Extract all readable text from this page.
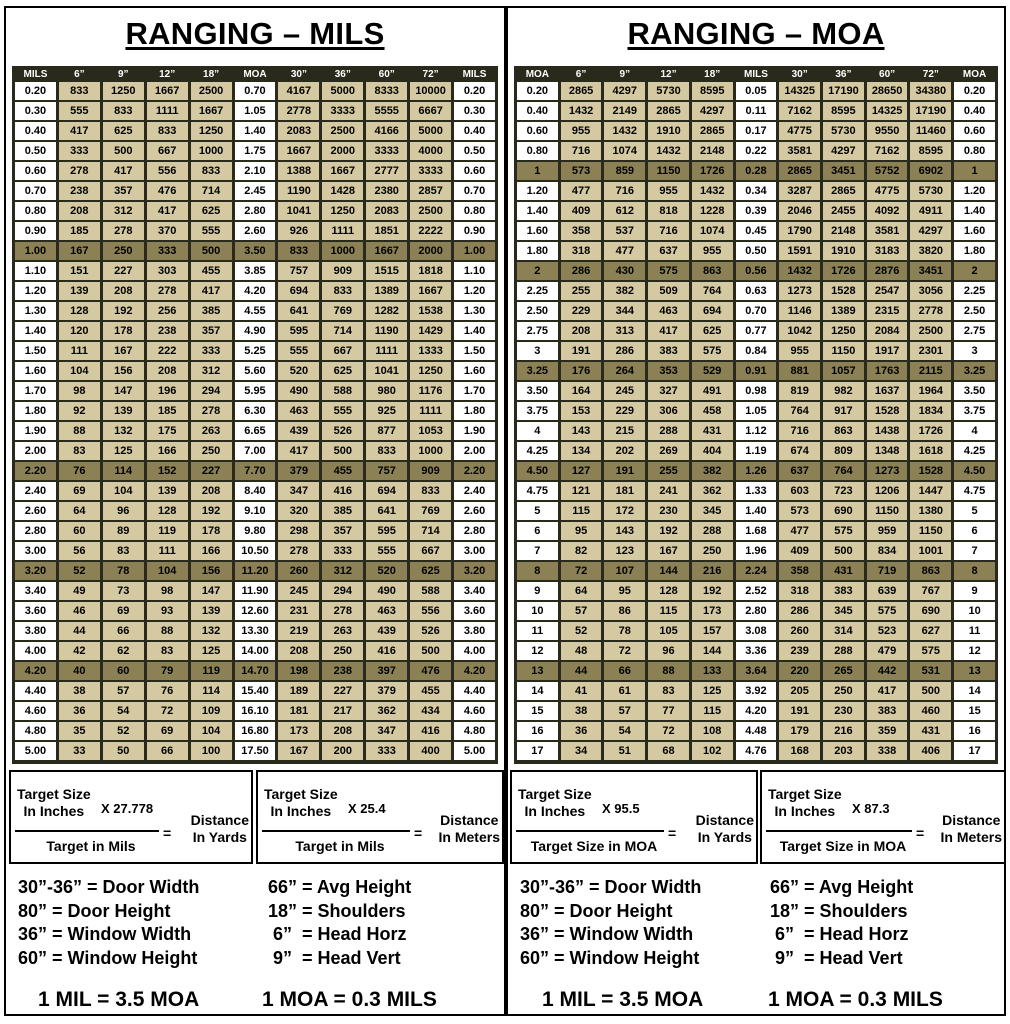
RANGING – MILS
MILS	6”	9”	12”	18”	MOA	30”	36”	60”	72”	MILS
0.20	833	1250	1667	2500	0.70	4167	5000	8333	10000	0.20
0.30	555	833	1111	1667	1.05	2778	3333	5555	6667	0.30
0.40	417	625	833	1250	1.40	2083	2500	4166	5000	0.40
0.50	333	500	667	1000	1.75	1667	2000	3333	4000	0.50
0.60	278	417	556	833	2.10	1388	1667	2777	3333	0.60
0.70	238	357	476	714	2.45	1190	1428	2380	2857	0.70
0.80	208	312	417	625	2.80	1041	1250	2083	2500	0.80
0.90	185	278	370	555	2.60	926	1111	1851	2222	0.90
1.00	167	250	333	500	3.50	833	1000	1667	2000	1.00
1.10	151	227	303	455	3.85	757	909	1515	1818	1.10
1.20	139	208	278	417	4.20	694	833	1389	1667	1.20
1.30	128	192	256	385	4.55	641	769	1282	1538	1.30
1.40	120	178	238	357	4.90	595	714	1190	1429	1.40
1.50	111	167	222	333	5.25	555	667	1111	1333	1.50
1.60	104	156	208	312	5.60	520	625	1041	1250	1.60
1.70	98	147	196	294	5.95	490	588	980	1176	1.70
1.80	92	139	185	278	6.30	463	555	925	1111	1.80
1.90	88	132	175	263	6.65	439	526	877	1053	1.90
2.00	83	125	166	250	7.00	417	500	833	1000	2.00
2.20	76	114	152	227	7.70	379	455	757	909	2.20
2.40	69	104	139	208	8.40	347	416	694	833	2.40
2.60	64	96	128	192	9.10	320	385	641	769	2.60
2.80	60	89	119	178	9.80	298	357	595	714	2.80
3.00	56	83	111	166	10.50	278	333	555	667	3.00
3.20	52	78	104	156	11.20	260	312	520	625	3.20
3.40	49	73	98	147	11.90	245	294	490	588	3.40
3.60	46	69	93	139	12.60	231	278	463	556	3.60
3.80	44	66	88	132	13.30	219	263	439	526	3.80
4.00	42	62	83	125	14.00	208	250	416	500	4.00
4.20	40	60	79	119	14.70	198	238	397	476	4.20
4.40	38	57	76	114	15.40	189	227	379	455	4.40
4.60	36	54	72	109	16.10	181	217	362	434	4.60
4.80	35	52	69	104	16.80	173	208	347	416	4.80
5.00	33	50	66	100	17.50	167	200	333	400	5.00
Target Size
In Inches	X 27.778
Target in Mils
=
Distance
In Yards
Target Size
In Inches	X 25.4
Target in Mils
=
Distance
In Meters
30”-36” = Door Width
80” = Door Height
36” = Window Width
60” = Window Height
66” = Avg Height
18” = Shoulders
6”  = Head Horz
9”  = Head Vert
1 MIL = 3.5 MOA	1 MOA = 0.3 MILS
RANGING – MOA
MOA	6”	9”	12”	18”	MILS	30”	36”	60”	72”	MOA
0.20	2865	4297	5730	8595	0.05	14325	17190	28650	34380	0.20
0.40	1432	2149	2865	4297	0.11	7162	8595	14325	17190	0.40
0.60	955	1432	1910	2865	0.17	4775	5730	9550	11460	0.60
0.80	716	1074	1432	2148	0.22	3581	4297	7162	8595	0.80
1	573	859	1150	1726	0.28	2865	3451	5752	6902	1
1.20	477	716	955	1432	0.34	3287	2865	4775	5730	1.20
1.40	409	612	818	1228	0.39	2046	2455	4092	4911	1.40
1.60	358	537	716	1074	0.45	1790	2148	3581	4297	1.60
1.80	318	477	637	955	0.50	1591	1910	3183	3820	1.80
2	286	430	575	863	0.56	1432	1726	2876	3451	2
2.25	255	382	509	764	0.63	1273	1528	2547	3056	2.25
2.50	229	344	463	694	0.70	1146	1389	2315	2778	2.50
2.75	208	313	417	625	0.77	1042	1250	2084	2500	2.75
3	191	286	383	575	0.84	955	1150	1917	2301	3
3.25	176	264	353	529	0.91	881	1057	1763	2115	3.25
3.50	164	245	327	491	0.98	819	982	1637	1964	3.50
3.75	153	229	306	458	1.05	764	917	1528	1834	3.75
4	143	215	288	431	1.12	716	863	1438	1726	4
4.25	134	202	269	404	1.19	674	809	1348	1618	4.25
4.50	127	191	255	382	1.26	637	764	1273	1528	4.50
4.75	121	181	241	362	1.33	603	723	1206	1447	4.75
5	115	172	230	345	1.40	573	690	1150	1380	5
6	95	143	192	288	1.68	477	575	959	1150	6
7	82	123	167	250	1.96	409	500	834	1001	7
8	72	107	144	216	2.24	358	431	719	863	8
9	64	95	128	192	2.52	318	383	639	767	9
10	57	86	115	173	2.80	286	345	575	690	10
11	52	78	105	157	3.08	260	314	523	627	11
12	48	72	96	144	3.36	239	288	479	575	12
13	44	66	88	133	3.64	220	265	442	531	13
14	41	61	83	125	3.92	205	250	417	500	14
15	38	57	77	115	4.20	191	230	383	460	15
16	36	54	72	108	4.48	179	216	359	431	16
17	34	51	68	102	4.76	168	203	338	406	17
Target Size
In Inches	X 95.5
Target Size in MOA
=
Distance
In Yards
Target Size
In Inches	X 87.3
Target Size in MOA
=
Distance
In Meters
30”-36” = Door Width
80” = Door Height
36” = Window Width
60” = Window Height
66” = Avg Height
18” = Shoulders
6”  = Head Horz
9”  = Head Vert
1 MIL = 3.5 MOA	1 MOA = 0.3 MILS
